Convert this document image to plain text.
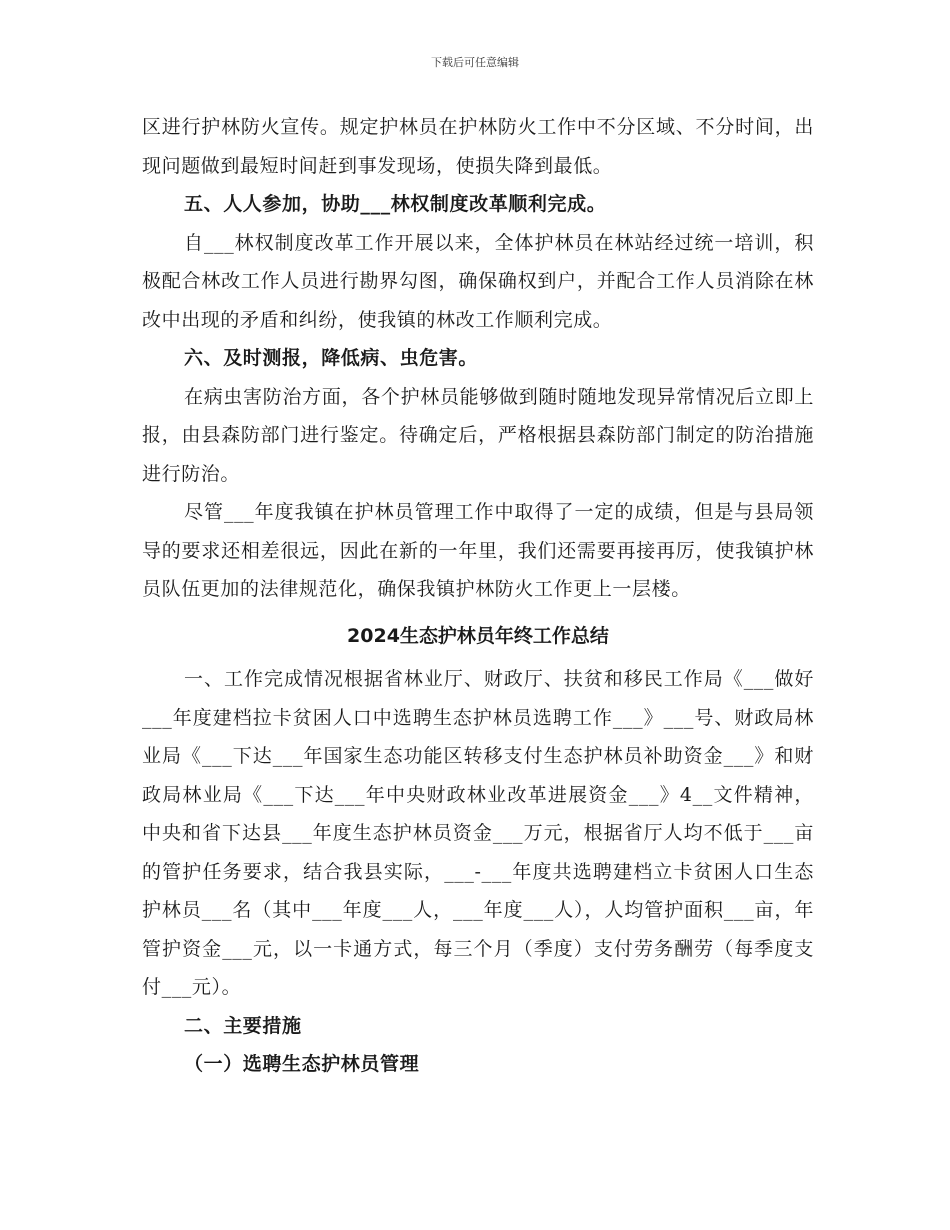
下载后可任意编辑

区进行护林防火宣传。规定护林员在护林防火工作中不分区域、不分时间，出现问题做到最短时间赶到事发现场，使损失降到最低。

五、人人参加，协助___林权制度改革顺利完成。

自___林权制度改革工作开展以来，全体护林员在林站经过统一培训，积极配合林改工作人员进行勘界勾图，确保确权到户，并配合工作人员消除在林改中出现的矛盾和纠纷，使我镇的林改工作顺利完成。

六、及时测报，降低病、虫危害。

在病虫害防治方面，各个护林员能够做到随时随地发现异常情况后立即上报，由县森防部门进行鉴定。待确定后，严格根据县森防部门制定的防治措施进行防治。

尽管___年度我镇在护林员管理工作中取得了一定的成绩，但是与县局领导的要求还相差很远，因此在新的一年里，我们还需要再接再厉，使我镇护林员队伍更加的法律规范化，确保我镇护林防火工作更上一层楼。

2024生态护林员年终工作总结

一、工作完成情况根据省林业厅、财政厅、扶贫和移民工作局《___做好___年度建档拉卡贫困人口中选聘生态护林员选聘工作___》___号、财政局林业局《___下达___年国家生态功能区转移支付生态护林员补助资金___》和财政局林业局《___下达___年中央财政林业改革进展资金___》4__文件精神，中央和省下达县___年度生态护林员资金___万元，根据省厅人均不低于___亩的管护任务要求，结合我县实际，___-___年度共选聘建档立卡贫困人口生态护林员___名（其中___年度___人，___年度___人），人均管护面积___亩，年管护资金___元，以一卡通方式，每三个月（季度）支付劳务酬劳（每季度支付___元）。

二、主要措施

（一）选聘生态护林员管理
